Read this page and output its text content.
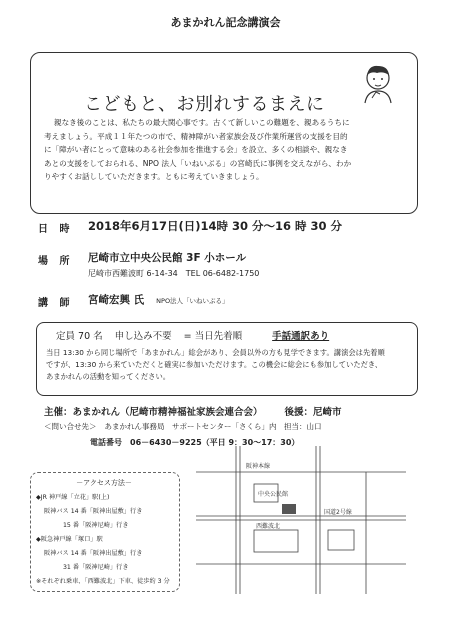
あまかれん記念講演会
こどもと、お別れするまえに
親なき後のことは、私たちの最大関心事です。古くて新しいこの難題を、親あるうちに
考えましょう。平成１１年たつの市で、精神障がい者家族会及び作業所運営の支援を目的
に「障がい者にとって意味のある社会参加を推進する会」を設立、多くの相談や、親なき
あとの支援をしておられる、NPO 法人「いねいぶる」の宮崎氏に事例を交えながら、わか
りやすくお話ししていただきます。ともに考えていきましょう。
日 時 2018年6月17日(日)14時 30 分～16 時 30 分
場 所 尼崎市立中央公民館 3F 小ホール
尼崎市西難波町 6-14-34　TEL 06-6482-1750
講 師 宮崎宏興 氏 NPO法人「いねいぶる」
定員 70 名 申し込み不要 = 当日先着順	手話通訳あり
当日 13:30 から同じ場所で「あまかれん」総会があり、会員以外の方も見学できます。講演会は先着順
ですが、13:30 から来ていただくと確実に参加いただけます。この機会に総会にも参加していただき、
あまかれんの活動を知ってください。
主催：あまかれん（尼崎市精神福祉家族会連合会） 後援：尼崎市
＜問い合せ先＞ あまかれん事務局　サポートセンター「さくら」内　担当：山口
電話番号　06－6430－9225（平日 9：30～17：30）
－アクセス方法－
◆JR 神戸線「立花」駅(上)
阪神バス 14 番「阪神出屋敷」行き
15 番「阪神尼崎」行き
◆阪急神戸線「塚口」駅
阪神バス 14 番「阪神出屋敷」行き
31 番「阪神尼崎」行き
※それぞれ乗車、「西難波北」下車、徒歩約 3 分
阪神本線
中央公民館
国道2号線
西難波北
